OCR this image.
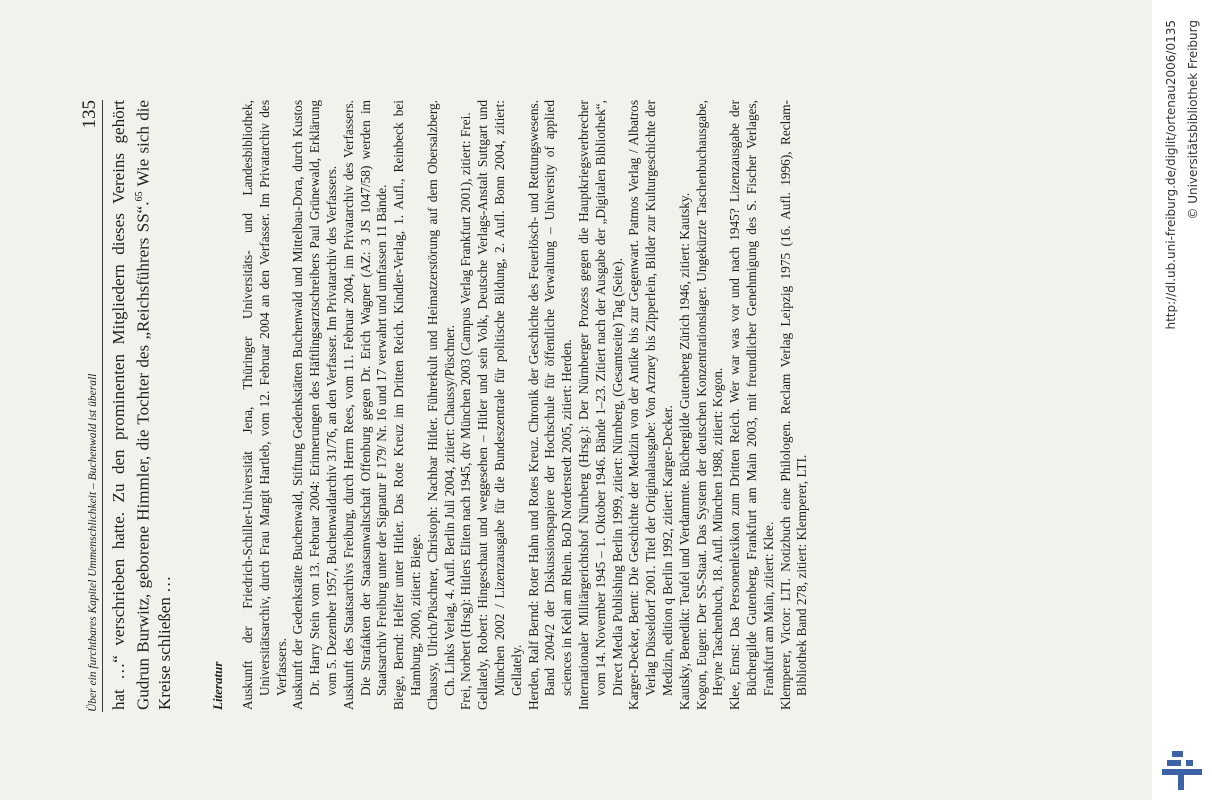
Über ein furchtbares Kapitel Ummenschlichkeit – Buchenwald ist überall
135 hat …“ verschrieben hatte. Zu den prominenten Mitgliedern dieses Vereins gehört Gudrun Burwitz, geborene Himmler, die Tochter des „Reichsführers SS“.$^{65}$ Wie sich die Kreise schließen …	Literatur Auskunft der Friedrich-Schiller-Universität Jena, Thüringer Universitäts- und Landesbibliothek, Universitätsarchiv, durch Frau Margit Hartleb, vom 12. Februar 2004 an den Verfasser. Im Privatarchiv des Verfassers. Auskunft der Gedenkstätte Buchenwald, Stiftung Gedenkstätten Buchenwald und Mittelbau-Dora, durch Kustos Dr. Harry Stein vom 13. Februar 2004: Erinnerungen des Häftlingsarztschreibers Paul Grünewald, Erklärung vom 5. Dezember 1957, Buchenwaldarchiv 31/76, an den Verfasser. Im Privatarchiv des Verfassers. Auskunft des Staatsarchivs Freiburg, durch Herrn Rees, vom 11. Februar 2004, im Privatarchiv des Verfassers. Die Strafakten der Staatsanwaltschaft Offenburg gegen Dr. Erich Wagner (AZ: 3 JS 1047/58) werden im Staatsarchiv Freiburg unter der Signatur F 179/ Nr. 16 und 17 verwahrt und umfassen 11 Bände. Biege, Bernd: Helfer unter Hitler. Das Rote Kreuz im Dritten Reich. Kindler-Verlag, 1. Aufl., Reinbeck bei Hamburg, 2000, zitiert: Biege. Chaussy, Ulrich/Püschner, Christoph: Nachbar Hitler. Führerkult und Heimatzerstörung auf dem Obersalzberg. Ch. Links Verlag, 4. Aufl. Berlin Juli 2004, zitiert: Chaussy/Püschner. Frei, Norbert (Hrsg): Hitlers Eliten nach 1945, dtv München 2003 (Campus Verlag Frankfurt 2001), zitiert: Frei. Gellately, Robert: Hingeschaut und weggesehen – Hitler und sein Volk, Deutsche Verlags-Anstalt Suttgart und München 2002 / Lizenzausgabe für die Bundeszentrale für politische Bildung, 2. Aufl. Bonn 2004, zitiert: Gellately. Herden, Ralf Bernd: Roter Hahn und Rotes Kreuz. Chronik der Geschichte des Feuerlösch- und Rettungswesens. Band 2004/2 der Diskussionspapiere der Hochschule für öffentliche Verwaltung – University of applied sciences in Kehl am Rhein. BoD Norderstedt 2005, zitiert: Herden. Internationaler Militärgerichtshof Nürnberg (Hrsg.): Der Nürnberger Prozess gegen die Hauptkriegsverbrecher vom 14. November 1945 – 1. Oktober 1946. Bände 1–23. Zitiert nach der Ausgabe der „Digitalen Bibliothek“, Direct Media Publishing Berlin 1999, zitiert: Nürnberg, (Gesamtseite) Tag (Seite). Karger-Decker, Bernt: Die Geschichte der Medizin von der Antike bis zur Gegenwart. Patmos Verlag / Albatros Verlag Düsseldorf 2001. Titel der Originalausgabe: Von Arzney bis Zipperlein, Bilder zur Kulturgeschichte der Medizin, edition q Berlin 1992, zitiert: Karger-Decker. Kautsky, Benedikt: Teufel und Verdammte. Büchergilde Gutenberg Zürich 1946, zitiert: Kautsky. Kogon, Eugen: Der SS-Staat. Das System der deutschen Konzentrationslager. Ungekürzte Taschenbuchausgabe, Heyne Taschenbuch, 18. Aufl. München 1988, zitiert: Kogon. Klee, Ernst: Das Personenlexikon zum Dritten Reich. Wer war was vor und nach 1945? Lizenzausgabe der Büchergilde Gutenberg, Frankfurt am Main 2003, mit freundlicher Genehmigung des S. Fischer Verlages, Frankfurt am Main, zitiert: Klee. Klemperer, Victor: LTI. Notizbuch eine Philologen. Reclam Verlag Leipzig 1975 (16. Aufl. 1996), Reclam-Bibliothek Band 278, zitiert: Klemperer, LTI.
http://dl.ub.uni-freiburg.de/diglit/ortenau2006/0135 © Universitätsbibliothek Freiburg
